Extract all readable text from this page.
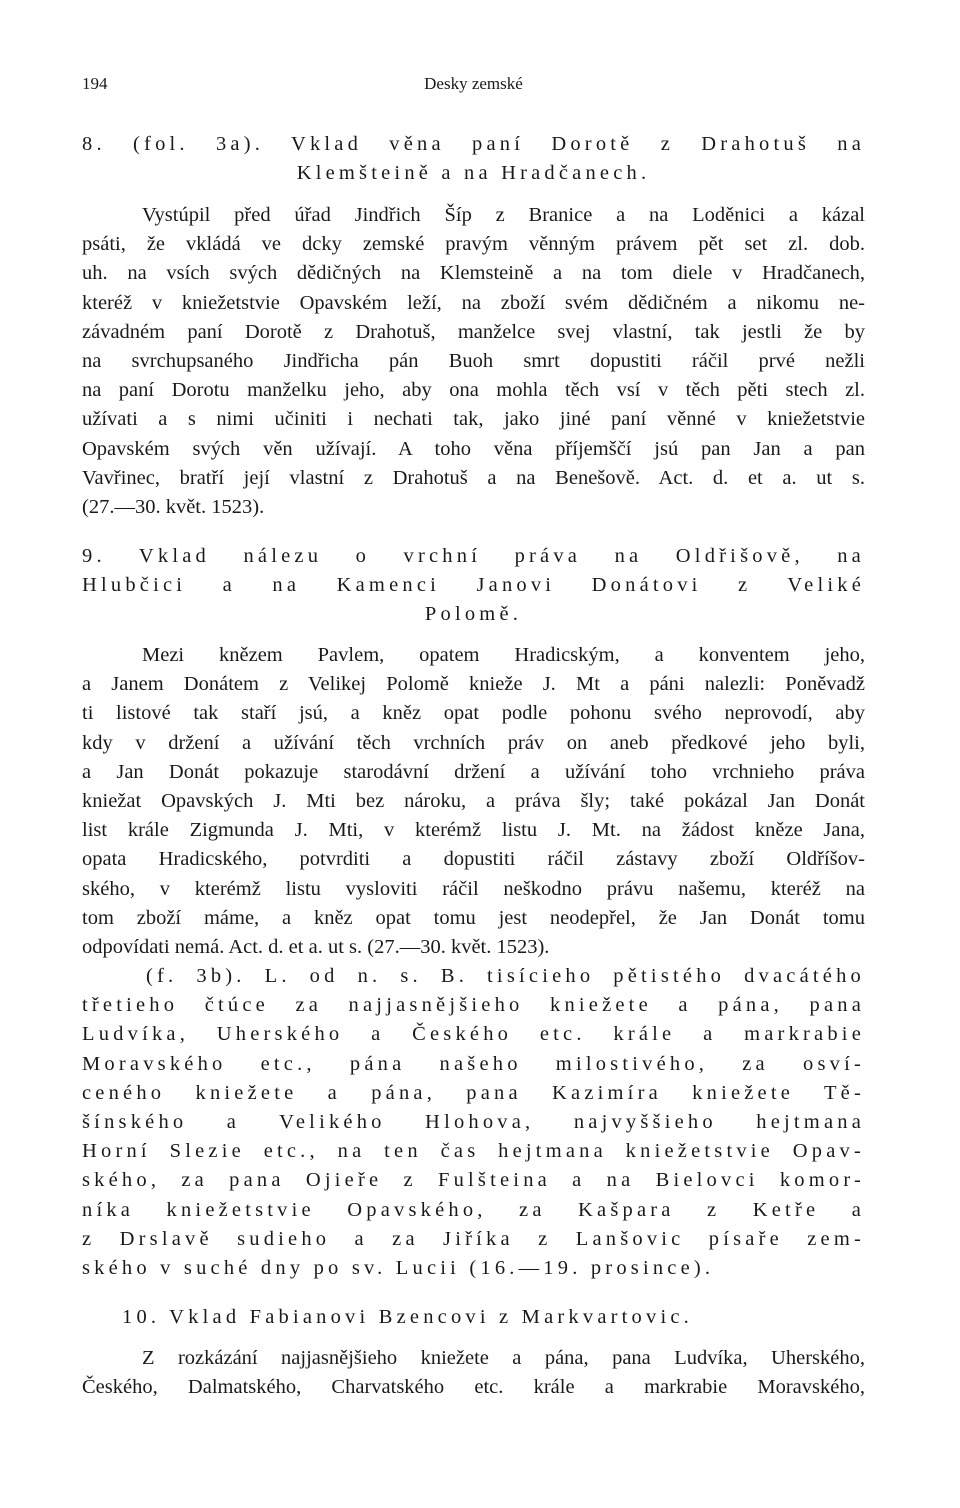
194	Desky zemské
8. (fol. 3a). Vklad věna paní Dorotě z Drahotuš na
Klemšteině a na Hradčanech.
Vystúpil před úřad Jindřich Šíp z Branice a na Loděnici a kázal
psáti, že vkládá ve dcky zemské pravým věnným právem pět set zl. dob.
uh. na vsích svých dědičných na Klemsteině a na tom diele v Hradčanech,
kteréž v kniežetstvie Opavském leží, na zboží svém dědičném a nikomu ne-
závadném paní Dorotě z Drahotuš, manželce svej vlastní, tak jestli že by
na svrchupsaného Jindřicha pán Buoh smrt dopustiti ráčil prvé nežli
na paní Dorotu manželku jeho, aby ona mohla těch vsí v těch pěti stech zl.
užívati a s nimi učiniti i nechati tak, jako jiné paní věnné v kniežetstvie
Opavském svých věn užívají. A toho věna příjemščí jsú pan Jan a pan
Vavřinec, bratří její vlastní z Drahotuš a na Benešově. Act. d. et a. ut s.
(27.—30. květ. 1523).
9. Vklad nálezu o vrchní práva na Oldřišově, na
Hlubčici a na Kamenci Janovi Donátovi z Veliké
Polomě.
Mezi knězem Pavlem, opatem Hradicským, a konventem jeho,
a Janem Donátem z Velikej Polomě knieže J. Mt a páni nalezli: Poněvadž
ti listové tak staří jsú, a kněz opat podle pohonu svého neprovodí, aby
kdy v držení a užívání těch vrchních práv on aneb předkové jeho byli,
a Jan Donát pokazuje starodávní držení a užívání toho vrchnieho práva
kniežat Opavských J. Mti bez nároku, a práva šly; také pokázal Jan Donát
list krále Zigmunda J. Mti, v kterémž listu J. Mt. na žádost kněze Jana,
opata Hradicského, potvrditi a dopustiti ráčil zástavy zboží Oldříšov-
ského, v kterémž listu vysloviti ráčil neškodno právu našemu, kteréž na
tom zboží máme, a kněz opat tomu jest neodepřel, že Jan Donát tomu
odpovídati nemá. Act. d. et a. ut s. (27.—30. květ. 1523).
(f. 3b). L. od n. s. B. tisícieho pětistého dvacátého
třetieho čtúce za najjasnějšieho kniežete a pána, pana
Ludvíka, Uherského a Českého etc. krále a markrabie
Moravského etc., pána našeho milostivého, za osví-
ceného kniežete a pána, pana Kazimíra kniežete Tě-
šínského a Velikého Hlohova, najvyššieho hejtmana
Horní Slezie etc., na ten čas hejtmana kniežetstvie Opav-
ského, za pana Ojieře z Fulšteina a na Bielovci komor-
níka kniežetstvie Opavského, za Kašpara z Ketře a
z Drslavě sudieho a za Jiříka z Lanšovic písaře zem-
ského v suché dny po sv. Lucii (16.—19. prosince).
10. Vklad Fabianovi Bzencovi z Markvartovic.
Z rozkázání najjasnějšieho kniežete a pána, pana Ludvíka, Uherského,
Českého, Dalmatského, Charvatského etc. krále a markrabie Moravského,
